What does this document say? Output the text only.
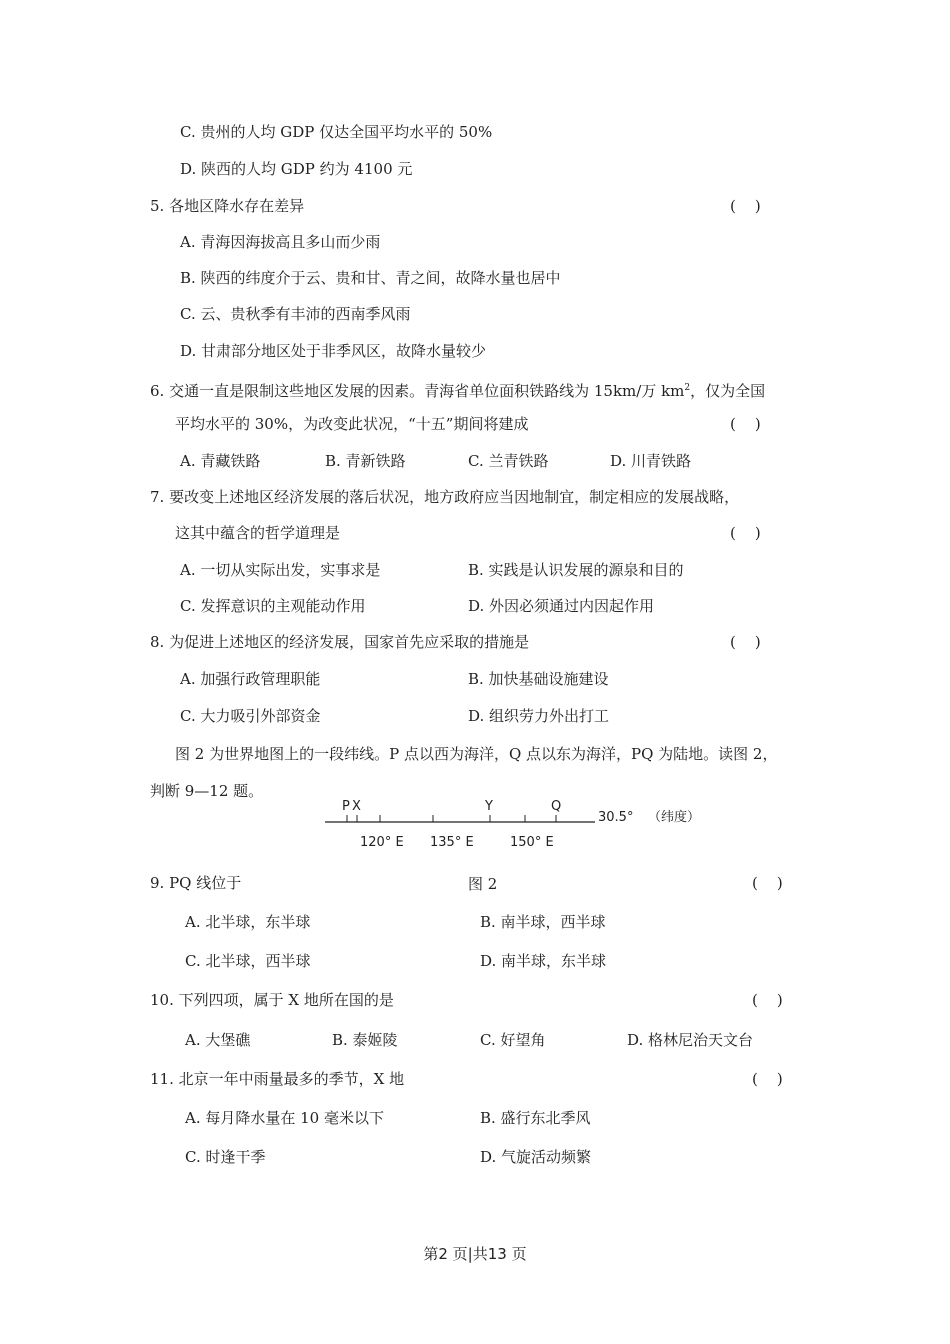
C. 贵州的人均 GDP 仅达全国平均水平的 50%
D. 陕西的人均 GDP 约为 4100 元
5. 各地区降水存在差异	(    )
A. 青海因海拔高且多山而少雨
B. 陕西的纬度介于云、贵和甘、青之间，故降水量也居中
C. 云、贵秋季有丰沛的西南季风雨
D. 甘肃部分地区处于非季风区，故降水量较少
6. 交通一直是限制这些地区发展的因素。青海省单位面积铁路线为 15km/万 $km^2$，仅为全国
平均水平的 30%，为改变此状况，“十五”期间将建成	(    )
A. 青藏铁路	B. 青新铁路	C. 兰青铁路	D. 川青铁路
7. 要改变上述地区经济发展的落后状况，地方政府应当因地制宜，制定相应的发展战略，
这其中蕴含的哲学道理是	(    )
A. 一切从实际出发，实事求是	B. 实践是认识发展的源泉和目的
C. 发挥意识的主观能动作用	D. 外因必须通过内因起作用
8. 为促进上述地区的经济发展，国家首先应采取的措施是	(    )
A. 加强行政管理职能	B. 加快基础设施建设
C. 大力吸引外部资金	D. 组织劳力外出打工
图 2 为世界地图上的一段纬线。P 点以西为海洋，Q 点以东为海洋，PQ 为陆地。读图 2，
判断 9—12 题。
P X	Y	Q
120° E 135° E	150° E
30.5° （纬度）
9. PQ 线位于	图 2	(    )
A. 北半球，东半球	B. 南半球，西半球
C. 北半球，西半球	D. 南半球，东半球
10. 下列四项，属于 X 地所在国的是	(    )
A. 大堡礁	B. 泰姬陵	C. 好望角	D. 格林尼治天文台
11. 北京一年中雨量最多的季节，X 地	(    )
A. 每月降水量在 10 毫米以下	B. 盛行东北季风
C. 时逢干季	D. 气旋活动频繁
第2 页|共13 页
